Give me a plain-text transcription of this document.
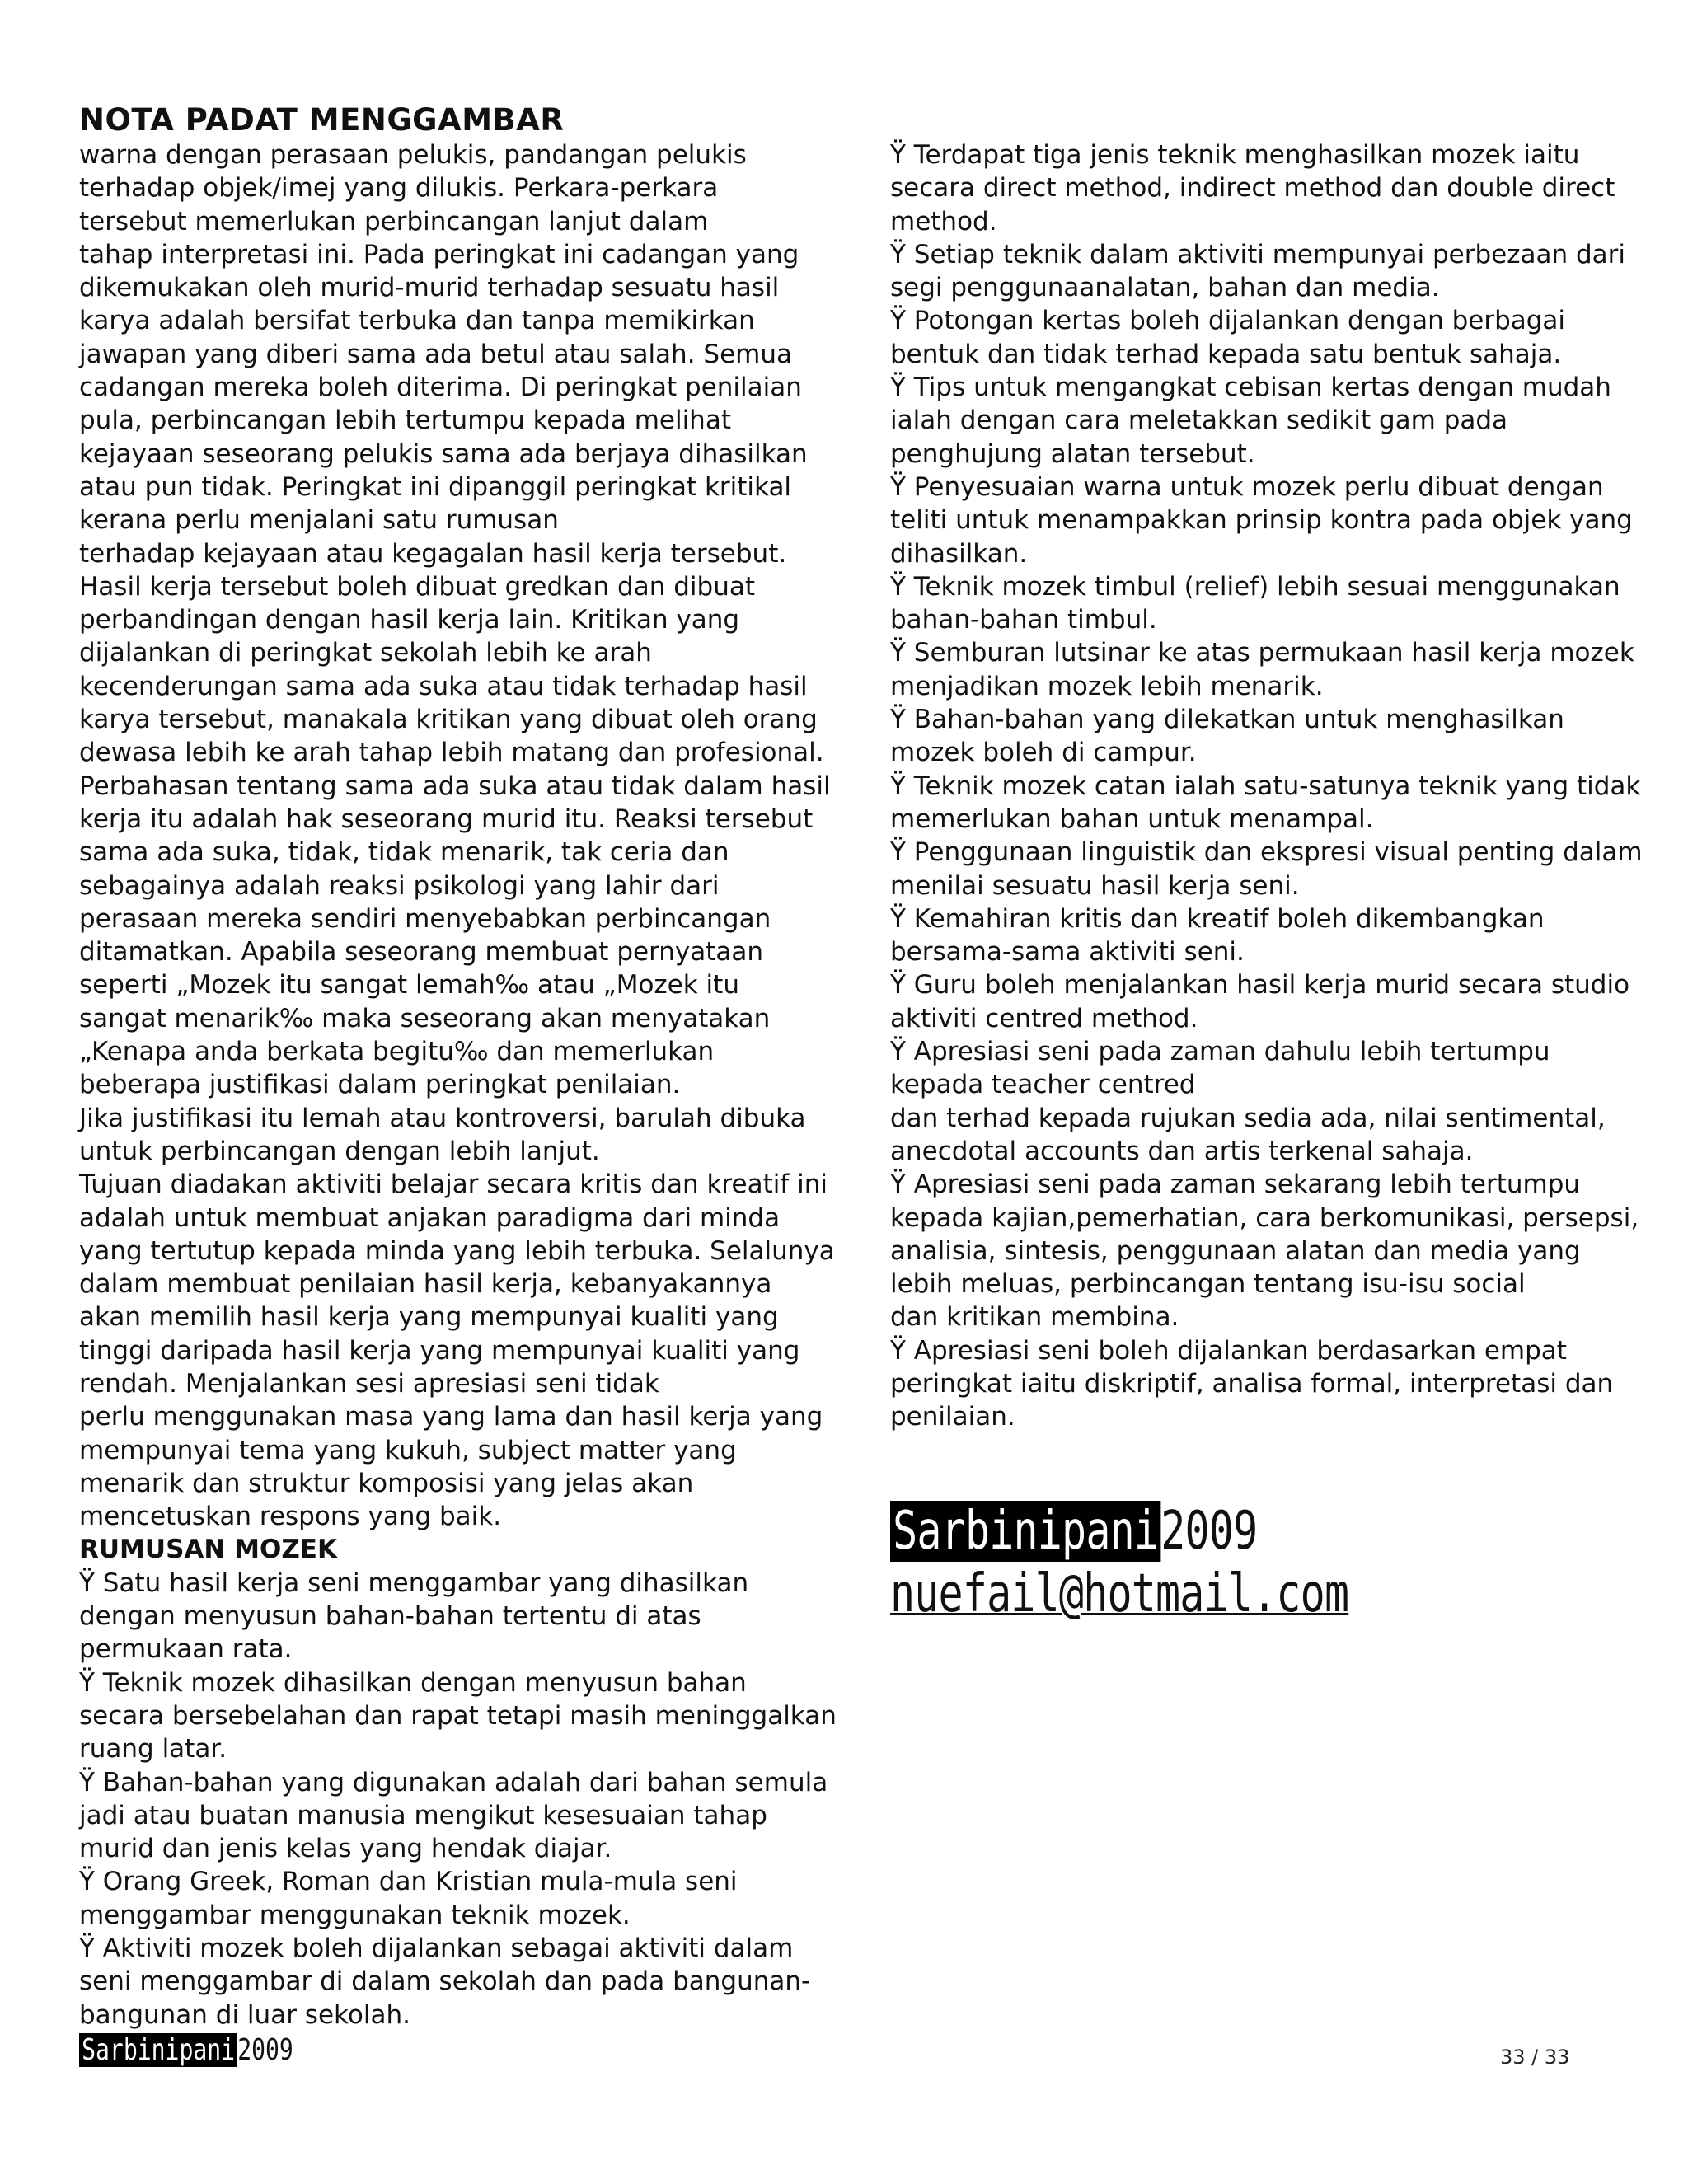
NOTA PADAT MENGGAMBAR
warna dengan perasaan pelukis, pandangan pelukis
terhadap objek/imej yang dilukis. Perkara-perkara
tersebut memerlukan perbincangan lanjut dalam
tahap interpretasi ini. Pada peringkat ini cadangan yang
dikemukakan oleh murid-murid terhadap sesuatu hasil
karya adalah bersifat terbuka dan tanpa memikirkan
jawapan yang diberi sama ada betul atau salah. Semua
cadangan mereka boleh diterima. Di peringkat penilaian
pula, perbincangan lebih tertumpu kepada melihat
kejayaan seseorang pelukis sama ada berjaya dihasilkan
atau pun tidak. Peringkat ini dipanggil peringkat kritikal
kerana perlu menjalani satu rumusan
terhadap kejayaan atau kegagalan hasil kerja tersebut.
Hasil kerja tersebut boleh dibuat gredkan dan dibuat
perbandingan dengan hasil kerja lain. Kritikan yang
dijalankan di peringkat sekolah lebih ke arah
kecenderungan sama ada suka atau tidak terhadap hasil
karya tersebut, manakala kritikan yang dibuat oleh orang
dewasa lebih ke arah tahap lebih matang dan profesional.
Perbahasan tentang sama ada suka atau tidak dalam hasil
kerja itu adalah hak seseorang murid itu. Reaksi tersebut
sama ada suka, tidak, tidak menarik, tak ceria dan
sebagainya adalah reaksi psikologi yang lahir dari
perasaan mereka sendiri menyebabkan perbincangan
ditamatkan. Apabila seseorang membuat pernyataan
seperti „Mozek itu sangat lemah‰ atau „Mozek itu
sangat menarik‰ maka seseorang akan menyatakan
„Kenapa anda berkata begitu‰ dan memerlukan
beberapa justifikasi dalam peringkat penilaian.
Jika justifikasi itu lemah atau kontroversi, barulah dibuka
untuk perbincangan dengan lebih lanjut.
Tujuan diadakan aktiviti belajar secara kritis dan kreatif ini
adalah untuk membuat anjakan paradigma dari minda
yang tertutup kepada minda yang lebih terbuka. Selalunya
dalam membuat penilaian hasil kerja, kebanyakannya
akan memilih hasil kerja yang mempunyai kualiti yang
tinggi daripada hasil kerja yang mempunyai kualiti yang
rendah. Menjalankan sesi apresiasi seni tidak
perlu menggunakan masa yang lama dan hasil kerja yang
mempunyai tema yang kukuh, subject matter yang
menarik dan struktur komposisi yang jelas akan
mencetuskan respons yang baik.
RUMUSAN MOZEK
Ÿ Satu hasil kerja seni menggambar yang dihasilkan
dengan menyusun bahan-bahan tertentu di atas
permukaan rata.
Ÿ Teknik mozek dihasilkan dengan menyusun bahan
secara bersebelahan dan rapat tetapi masih meninggalkan
ruang latar.
Ÿ Bahan-bahan yang digunakan adalah dari bahan semula
jadi atau buatan manusia mengikut kesesuaian tahap
murid dan jenis kelas yang hendak diajar.
Ÿ Orang Greek, Roman dan Kristian mula-mula seni
menggambar menggunakan teknik mozek.
Ÿ Aktiviti mozek boleh dijalankan sebagai aktiviti dalam
seni menggambar di dalam sekolah dan pada bangunan-
bangunan di luar sekolah.
Ÿ Terdapat tiga jenis teknik menghasilkan mozek iaitu
secara direct method, indirect method dan double direct
method.
Ÿ Setiap teknik dalam aktiviti mempunyai perbezaan dari
segi penggunaanalatan, bahan dan media.
Ÿ Potongan kertas boleh dijalankan dengan berbagai
bentuk dan tidak terhad kepada satu bentuk sahaja.
Ÿ Tips untuk mengangkat cebisan kertas dengan mudah
ialah dengan cara meletakkan sedikit gam pada
penghujung alatan tersebut.
Ÿ Penyesuaian warna untuk mozek perlu dibuat dengan
teliti untuk menampakkan prinsip kontra pada objek yang
dihasilkan.
Ÿ Teknik mozek timbul (relief) lebih sesuai menggunakan
bahan-bahan timbul.
Ÿ Semburan lutsinar ke atas permukaan hasil kerja mozek
menjadikan mozek lebih menarik.
Ÿ Bahan-bahan yang dilekatkan untuk menghasilkan
mozek boleh di campur.
Ÿ Teknik mozek catan ialah satu-satunya teknik yang tidak
memerlukan bahan untuk menampal.
Ÿ Penggunaan linguistik dan ekspresi visual penting dalam
menilai sesuatu hasil kerja seni.
Ÿ Kemahiran kritis dan kreatif boleh dikembangkan
bersama-sama aktiviti seni.
Ÿ Guru boleh menjalankan hasil kerja murid secara studio
aktiviti centred method.
Ÿ Apresiasi seni pada zaman dahulu lebih tertumpu
kepada teacher centred
dan terhad kepada rujukan sedia ada, nilai sentimental,
anecdotal accounts dan artis terkenal sahaja.
Ÿ Apresiasi seni pada zaman sekarang lebih tertumpu
kepada kajian,pemerhatian, cara berkomunikasi, persepsi,
analisia, sintesis, penggunaan alatan dan media yang
lebih meluas, perbincangan tentang isu-isu social
dan kritikan membina.
Ÿ Apresiasi seni boleh dijalankan berdasarkan empat
peringkat iaitu diskriptif, analisa formal, interpretasi dan
penilaian.
Sarbinipani2009
nuefail@hotmail.com
Sarbinipani2009	33 / 33
